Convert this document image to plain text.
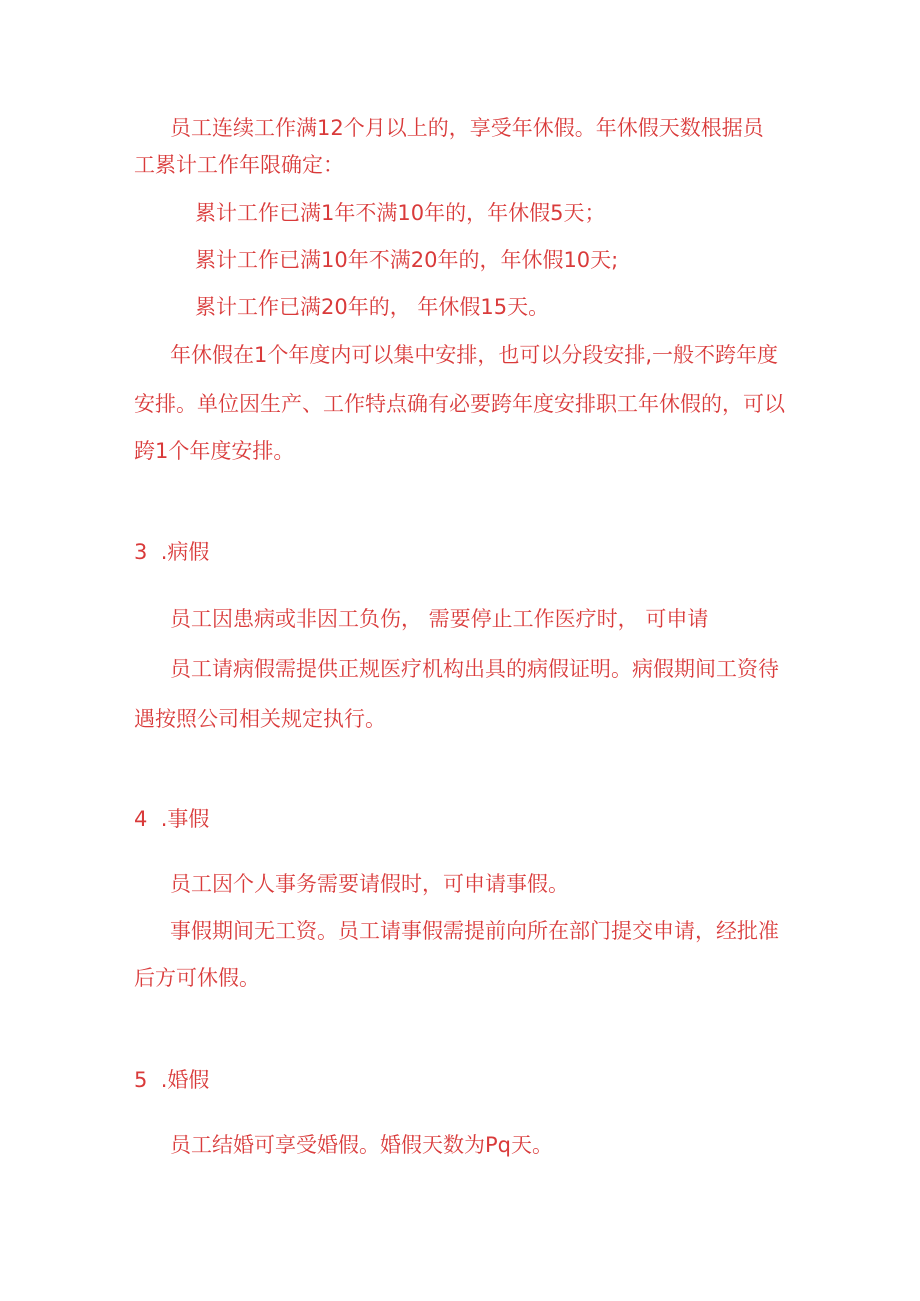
员工连续工作满12个月以上的，享受年休假。年休假天数根据员
工累计工作年限确定：
累计工作已满1年不满10年的，年休假5天；
累计工作已满10年不满20年的，年休假10天;
累计工作已满20年的， 年休假15天。
年休假在1个年度内可以集中安排，也可以分段安排,一般不跨年度
安排。单位因生产、工作特点确有必要跨年度安排职工年休假的，可以
跨1个年度安排。
3  .病假
员工因患病或非因工负伤， 需要停止工作医疗时， 可申请
员工请病假需提供正规医疗机构出具的病假证明。病假期间工资待
遇按照公司相关规定执行。
4  .事假
员工因个人事务需要请假时，可申请事假。
事假期间无工资。员工请事假需提前向所在部门提交申请，经批准
后方可休假。
5  .婚假
员工结婚可享受婚假。婚假天数为Pq天。
